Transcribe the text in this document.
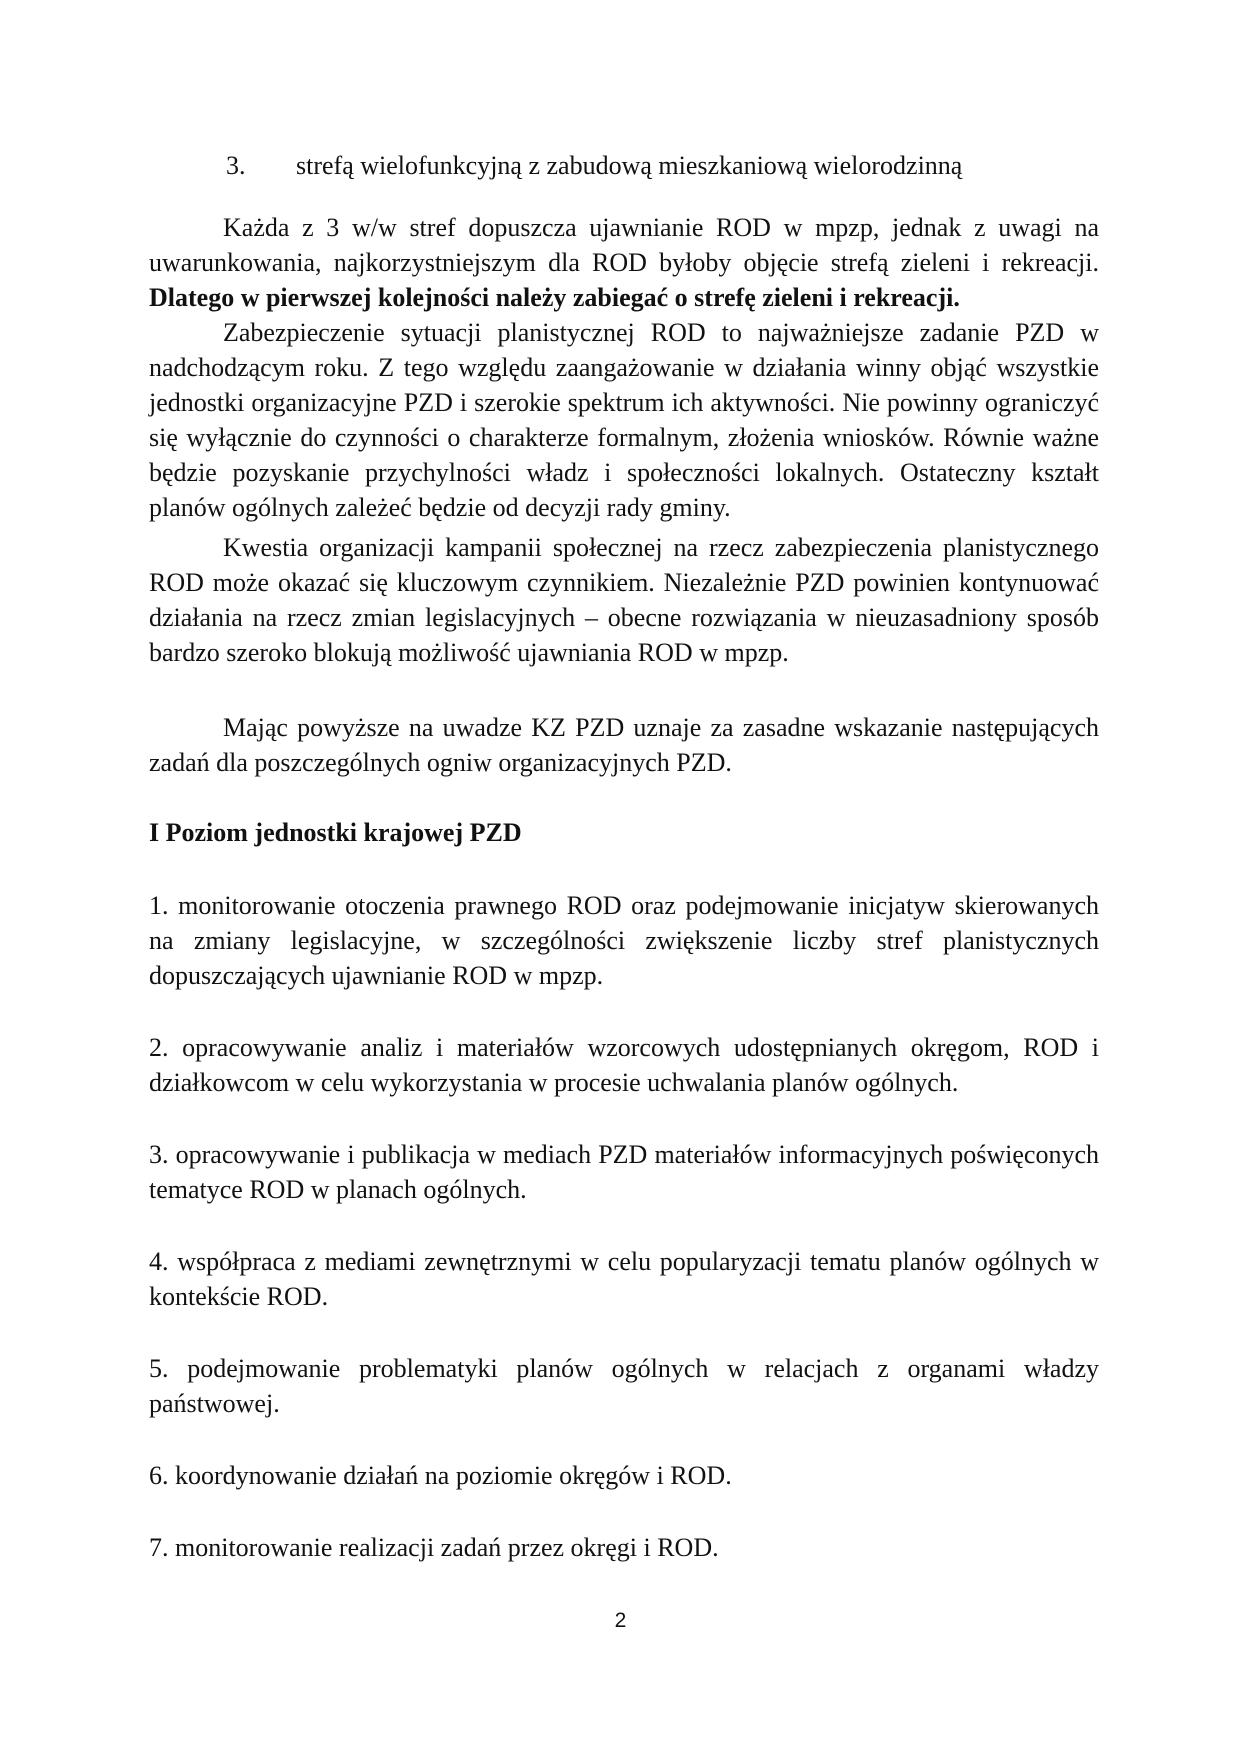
3. strefą wielofunkcyjną z zabudową mieszkaniową wielorodzinną

Każda z 3 w/w stref dopuszcza ujawnianie ROD w mpzp, jednak z uwagi na uwarunkowania, najkorzystniejszym dla ROD byłoby objęcie strefą zieleni i rekreacji. Dlatego w pierwszej kolejności należy zabiegać o strefę zieleni i rekreacji.

Zabezpieczenie sytuacji planistycznej ROD to najważniejsze zadanie PZD w nadchodzącym roku. Z tego względu zaangażowanie w działania winny objąć wszystkie jednostki organizacyjne PZD i szerokie spektrum ich aktywności. Nie powinny ograniczyć się wyłącznie do czynności o charakterze formalnym, złożenia wniosków. Równie ważne będzie pozyskanie przychylności władz i społeczności lokalnych. Ostateczny kształt planów ogólnych zależeć będzie od decyzji rady gminy.

Kwestia organizacji kampanii społecznej na rzecz zabezpieczenia planistycznego ROD może okazać się kluczowym czynnikiem. Niezależnie PZD powinien kontynuować działania na rzecz zmian legislacyjnych – obecne rozwiązania w nieuzasadniony sposób bardzo szeroko blokują możliwość ujawniania ROD w mpzp.

Mając powyższe na uwadze KZ PZD uznaje za zasadne wskazanie następujących zadań dla poszczególnych ogniw organizacyjnych PZD.

I Poziom jednostki krajowej PZD

1. monitorowanie otoczenia prawnego ROD oraz podejmowanie inicjatyw skierowanych na zmiany legislacyjne, w szczególności zwiększenie liczby stref planistycznych dopuszczających ujawnianie ROD w mpzp.

2. opracowywanie analiz i materiałów wzorcowych udostępnianych okręgom, ROD i działkowcom w celu wykorzystania w procesie uchwalania planów ogólnych.

3. opracowywanie i publikacja w mediach PZD materiałów informacyjnych poświęconych tematyce ROD w planach ogólnych.

4. współpraca z mediami zewnętrznymi w celu popularyzacji tematu planów ogólnych w kontekście ROD.

5. podejmowanie problematyki planów ogólnych w relacjach z organami władzy państwowej.

6. koordynowanie działań na poziomie okręgów i ROD.

7. monitorowanie realizacji zadań przez okręgi i ROD.

2
